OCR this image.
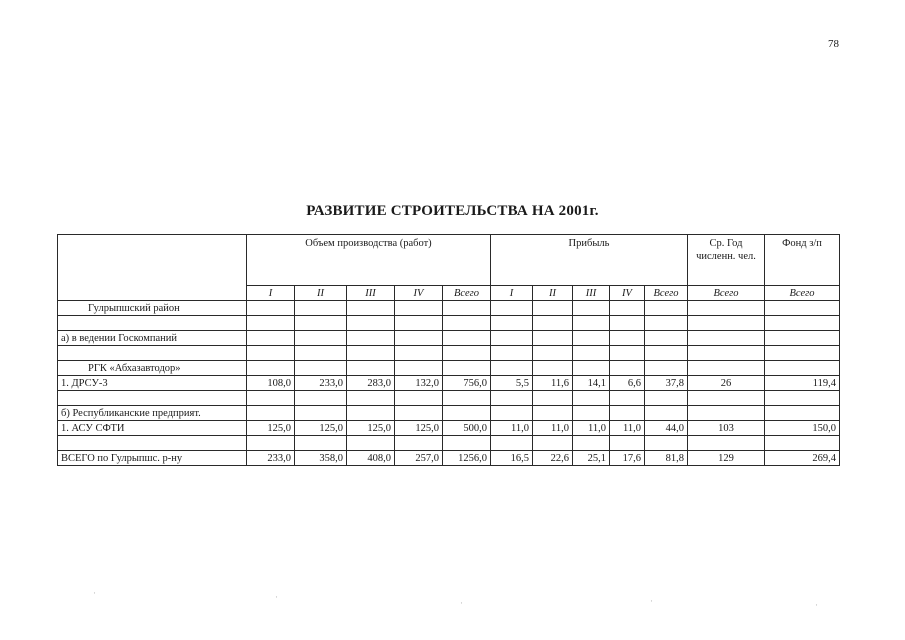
78
РАЗВИТИЕ СТРОИТЕЛЬСТВА НА 2001г.
	Объем производства (работ)					Прибыль					Ср. Год численн. чел.	Фонд з/п
	I	II	III	IV	Всего	I	II	III	IV	Всего	Всего	Всего
Гулрыпшский район												

а) в ведении Госкомпаний												

РГК «Абхазавтодор»												
1. ДРСУ-3	108,0	233,0	283,0	132,0	756,0	5,5	11,6	14,1	6,6	37,8	26	119,4

б) Республиканские предприят.												
1. АСУ СФТИ	125,0	125,0	125,0	125,0	500,0	11,0	11,0	11,0	11,0	44,0	103	150,0

ВСЕГО по Гулрыпшс. р-ну	233,0	358,0	408,0	257,0	1256,0	16,5	22,6	25,1	17,6	81,8	129	269,4
·	·
·	·	·
